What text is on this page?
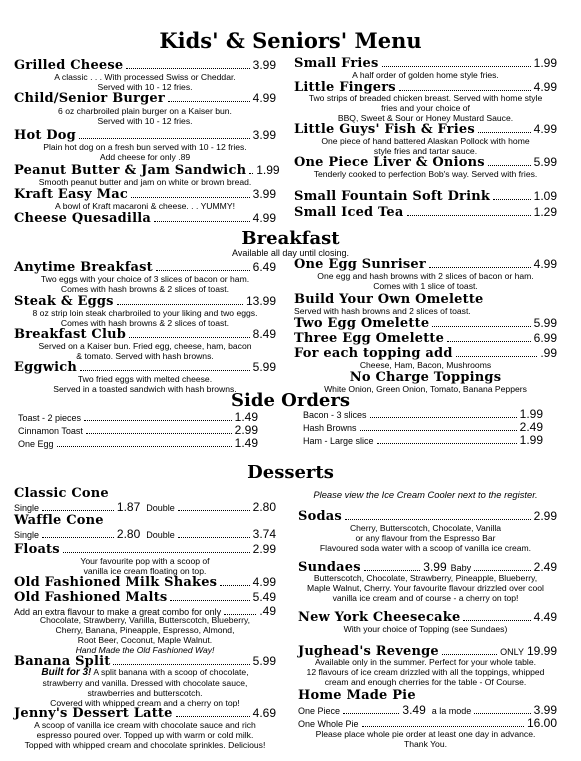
Kids' & Seniors' Menu
Grilled Cheese	3.99
A classic . . . With processed Swiss or Cheddar.
Served with 10 - 12 fries.
Child/Senior Burger	4.99
6 oz charbroiled plain burger on a Kaiser bun.
Served with 10 - 12 fries.
Hot Dog	3.99
Plain hot dog on a fresh bun served with 10 - 12 fries.
Add cheese for only .89
Peanut Butter & Jam Sandwich 1.99
Smooth peanut butter and jam on white or brown bread.
Kraft Easy Mac	3.99
A bowl of Kraft macaroni & cheese. . . YUMMY!
Cheese Quesadilla	4.99
Small Fries	1.99
A half order of golden home style fries.
Little Fingers	4.99
Two strips of breaded chicken breast. Served with home style
fries and your choice of
BBQ, Sweet & Sour or Honey Mustard Sauce.
Little Guys' Fish & Fries	4.99
One piece of hand battered Alaskan Pollock with home
style fries and tartar sauce.
One Piece Liver & Onions	5.99
Tenderly cooked to perfection Bob's way. Served with fries.
Small Fountain Soft Drink	1.09
Small Iced Tea	1.29
Breakfast
Available all day until closing.
Anytime Breakfast	6.49
Two eggs with your choice of 3 slices of bacon or ham.
Comes with hash browns & 2 slices of toast.
Steak & Eggs	13.99
8 oz strip loin steak charbroiled to your liking and two eggs.
Comes with hash browns & 2 slices of toast.
Breakfast Club	8.49
Served on a Kaiser bun. Fried egg, cheese, ham, bacon
& tomato. Served with hash browns.
Eggwich	5.99
Two fried eggs with melted cheese.
Served in a toasted sandwich with hash browns.
One Egg Sunriser	4.99
One egg and hash browns with 2 slices of bacon or ham.
Comes with 1 slice of toast.
Build Your Own Omelette
Served with hash browns and 2 slices of toast.
Two Egg Omelette	5.99
Three Egg Omelette	6.99
For each topping add	.99
Cheese, Ham, Bacon, Mushrooms
No Charge Toppings
White Onion, Green Onion, Tomato, Banana Peppers
Side Orders
Toast - 2 pieces	1.49
Cinnamon Toast	2.99
One Egg	1.49
Bacon - 3 slices	1.99
Hash Browns	2.49
Ham - Large slice	1.99
Desserts
Classic Cone
Single	1.87 Double	2.80
Waffle Cone
Single	2.80 Double	3.74
Floats	2.99
Your favourite pop with a scoop of
vanilla ice cream floating on top.
Old Fashioned Milk Shakes	4.99
Old Fashioned Malts	5.49
Add an extra flavour to make a great combo for only	.49
Chocolate, Strawberry, Vanilla, Butterscotch, Blueberry,
Cherry, Banana, Pineapple, Espresso, Almond,
Root Beer, Coconut, Maple Walnut.
Hand Made the Old Fashioned Way!
Banana Split	5.99
Built for 3! A split banana with a scoop of chocolate,
strawberry and vanilla. Dressed with chocolate sauce,
strawberries and butterscotch.
Covered with whipped cream and a cherry on top!
Jenny's Dessert Latte	4.69
A scoop of vanilla ice cream with chocolate sauce and rich
espresso poured over. Topped up with warm or cold milk.
Topped with whipped cream and chocolate sprinkles. Delicious!
Please view the Ice Cream Cooler next to the register.
Sodas	2.99
Cherry, Butterscotch, Chocolate, Vanilla
or any flavour from the Espresso Bar
Flavoured soda water with a scoop of vanilla ice cream.
Sundaes	3.99 Baby	2.49
Butterscotch, Chocolate, Strawberry, Pineapple, Blueberry,
Maple Walnut, Cherry. Your favourite flavour drizzled over cool
vanilla ice cream and of course - a cherry on top!
New York Cheesecake	4.49
With your choice of Topping (see Sundaes)
Jughead's Revenge	ONLY 19.99
Available only in the summer. Perfect for your whole table.
12 flavours of ice cream drizzled with all the toppings, whipped
cream and enough cherries for the table - Of Course.
Home Made Pie
One Piece	3.49 a la mode	3.99
One Whole Pie	16.00
Please place whole pie order at least one day in advance.
Thank You.
